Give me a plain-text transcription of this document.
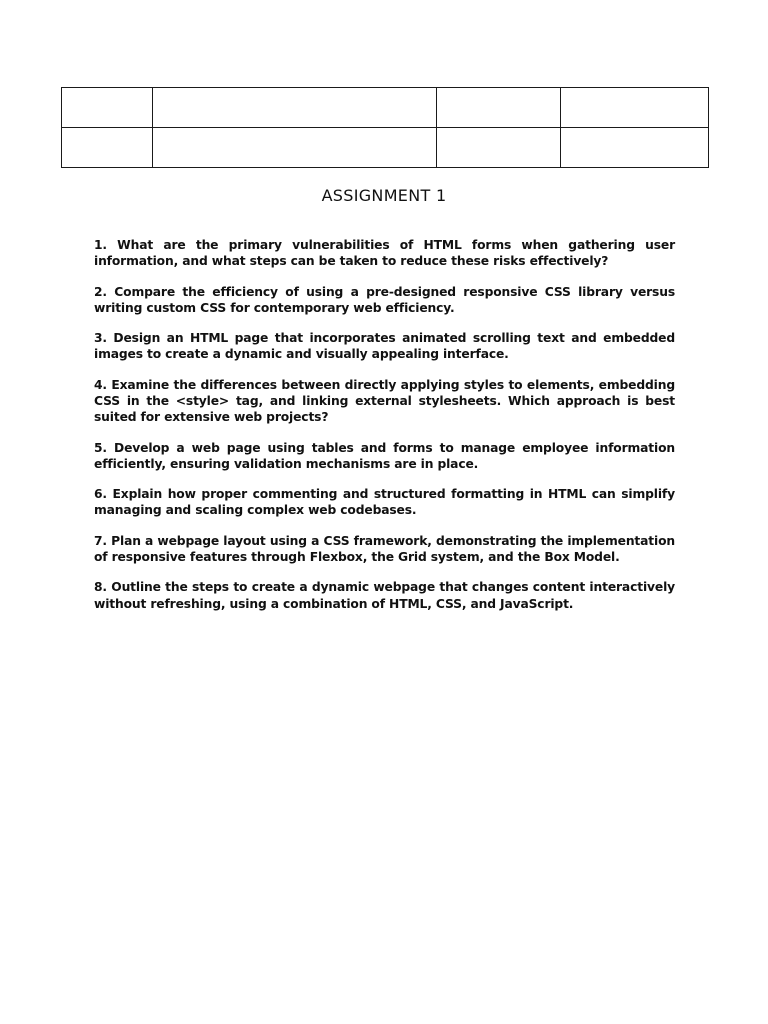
ASSIGNMENT 1
1. What are the primary vulnerabilities of HTML forms when gathering user information, and what steps can be taken to reduce these risks effectively?
2. Compare the efficiency of using a pre-designed responsive CSS library versus writing custom CSS for contemporary web efficiency.
3. Design an HTML page that incorporates animated scrolling text and embedded images to create a dynamic and visually appealing interface.
4. Examine the differences between directly applying styles to elements, embedding CSS in the <style> tag, and linking external stylesheets. Which approach is best suited for extensive web projects?
5. Develop a web page using tables and forms to manage employee information efficiently, ensuring validation mechanisms are in place.
6. Explain how proper commenting and structured formatting in HTML can simplify managing and scaling complex web codebases.
7. Plan a webpage layout using a CSS framework, demonstrating the implementation of responsive features through Flexbox, the Grid system, and the Box Model.
8. Outline the steps to create a dynamic webpage that changes content interactively without refreshing, using a combination of HTML, CSS, and JavaScript.
